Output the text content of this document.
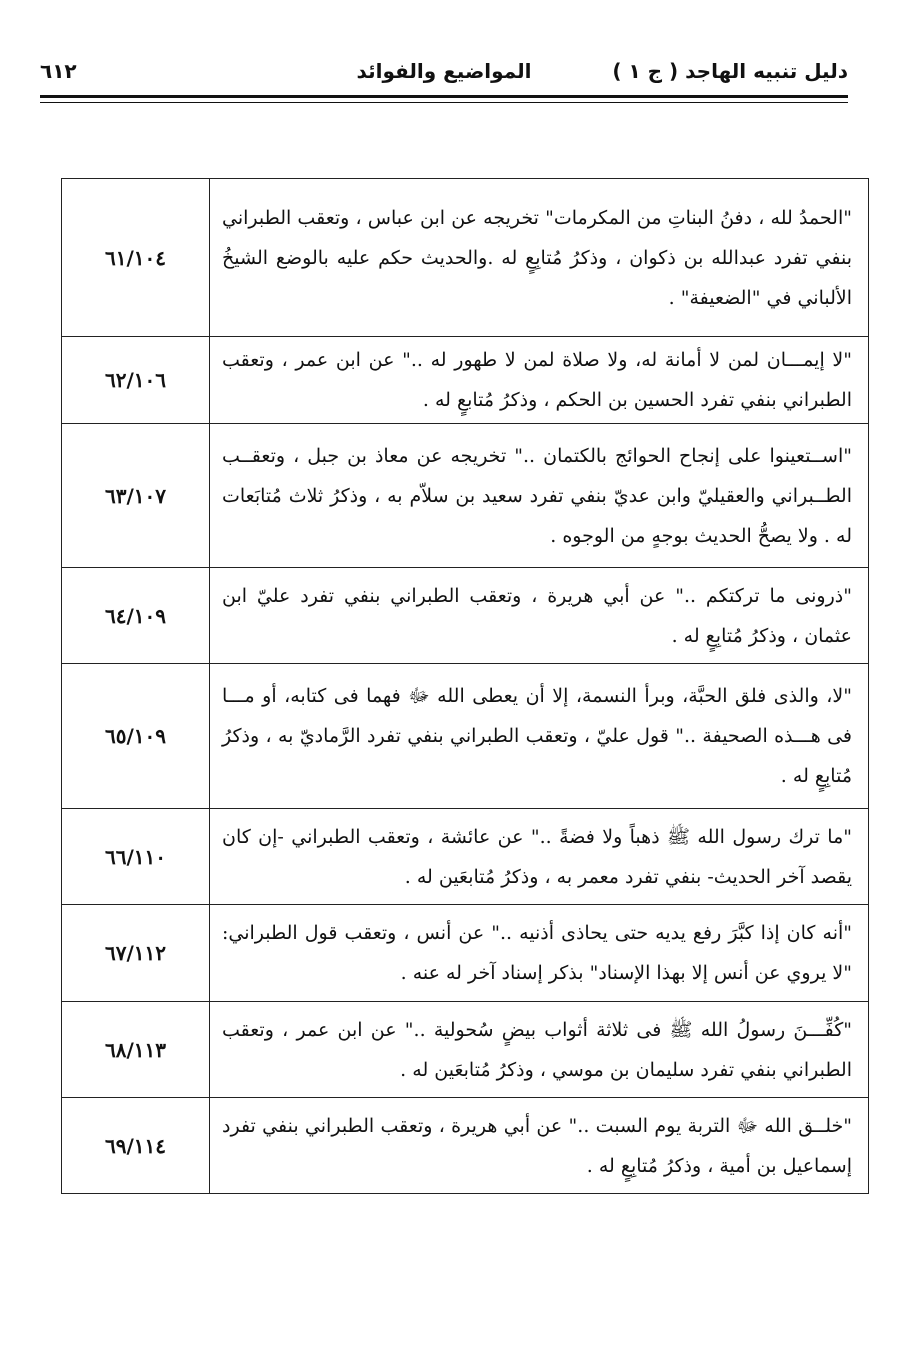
دليل تنبيه الهاجد ( ج ١ )
المواضيع والفوائد
٦١٢
"الحمدُ لله ، دفنُ البناتِ من المكرمات" تخريجه عن ابن عباس ، وتعقب الطبراني بنفي تفرد عبدالله بن ذكوان ، وذكرُ مُتابِعٍ له .والحديث حكم عليه بالوضع الشيخُ الألباني في "الضعيفة" .	٦١/١٠٤
"لا إيمـــان لمن لا أمانة له، ولا صلاة لمن لا طهور له .." عن ابن عمر ، وتعقب الطبراني بنفي تفرد الحسين بن الحكم ، وذكرُ مُتابعٍ له .	٦٢/١٠٦
"اســتعينوا على إنجاح الحوائج بالكتمان .." تخريجه عن معاذ بن جبل ، وتعقــب الطــبراني والعقيليّ وابن عديّ بنفي تفرد سعيد بن سلاّم به ، وذكرُ ثلاث مُتابَعات له . ولا يصحُّ الحديث بوجهٍ من الوجوه .	٦٣/١٠٧
"ذرونى ما تركتكم .." عن أبي هريرة ، وتعقب الطبراني بنفي تفرد عليّ ابن عثمان ، وذكرُ مُتابِعٍ له .	٦٤/١٠٩
"لا، والذى فلق الحبَّة، وبرأ النسمة، إلا أن يعطى الله ﷻ فهما فى كتابه، أو مـــا فى هـــذه الصحيفة .." قول عليّ ، وتعقب الطبراني بنفي تفرد الرَّماديّ به ، وذكرُ مُتابِعٍ له .	٦٥/١٠٩
"ما ترك رسول الله ﷺ ذهباً ولا فضةً .." عن عائشة ، وتعقب الطبراني -إن كان يقصد آخر الحديث- بنفي تفرد معمر به ، وذكرُ مُتابعَين له .	٦٦/١١٠
"أنه كان إذا كبَّرَ رفع يديه حتى يحاذى أذنيه .." عن أنس ، وتعقب قول الطبراني: "لا يروي عن أنس إلا بهذا الإسناد" بذكر إسناد آخر له عنه .	٦٧/١١٢
"كُفِّـــنَ رسولُ الله ﷺ فى ثلاثة أثواب بيضٍ سُحولية .." عن ابن عمر ، وتعقب الطبراني بنفي تفرد سليمان بن موسي ، وذكرُ مُتابعَين له .	٦٨/١١٣
"خلــق الله ﷻ التربة يوم السبت .." عن أبي هريرة ، وتعقب الطبراني بنفي تفرد إسماعيل بن أمية ، وذكرُ مُتابِعٍ له .	٦٩/١١٤
